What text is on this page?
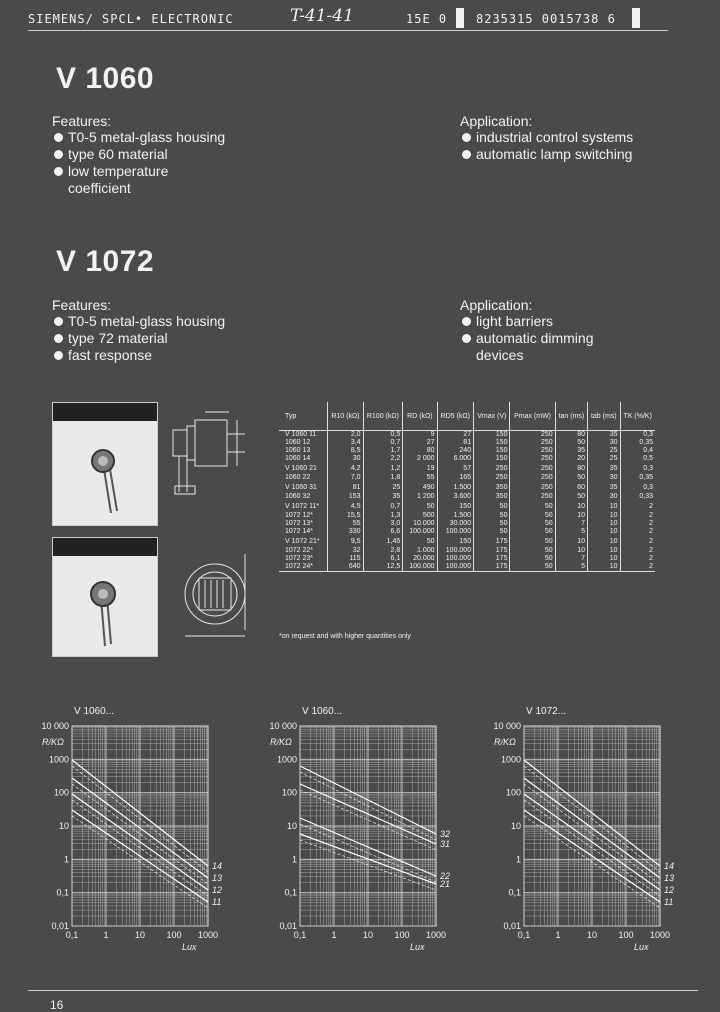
SIEMENS/ SPCL• ELECTRONIC	T-41-41	15E 0 8235315 0015738 6
V 1060
Features:
T0-5 metal-glass housing
type 60 material
low temperature
coefficient
Application:
industrial control systems
automatic lamp switching
V 1072
Features:
T0-5 metal-glass housing
type 72 material
fast response
Application:
light barriers
automatic dimming
devices
Typ	R10 (kΩ)	R100 (kΩ)	RD (kΩ)	RD5 (kΩ)	Vmax (V)	Pmax (mW)	tan (ms)	tab (ms)	TK (%/K)
V 1060 11	2,0	0,5	9	27	150	250	80	35	0,3
1060 12	3,4	0,7	27	81	150	250	50	30	0,35
1060 13	8,5	1,7	80	240	150	250	35	25	0,4
1060 14	30	2,2	2 000	6.000	150	250	20	25	0,5
V 1060 21	4,2	1,2	19	57	250	250	80	35	0,3
1060 22	7,0	1,8	55	165	250	250	50	30	0,35
V 1060 31	81	25	490	1.500	350	250	60	35	0,3
1060 32	153	35	1 200	3.600	350	250	50	30	0,33
V 1072 11*	4,5	0,7	50	150	50	50	10	10	2
1072 12*	15,5	1,3	500	1.500	50	50	10	10	2
1072 13*	55	3,0	10.000	30.000	50	50	7	10	2
1072 14*	330	6,6	100.000	100.000	50	50	5	10	2
V 1072 21*	9,5	1,45	50	150	175	50	10	10	2
1072 22*	32	2,8	1.000	100.000	175	50	10	10	2
1072 23*	115	6,1	20.000	100.000	175	50	7	10	2
1072 24*	640	12,5	100.000	100.000	175	50	5	10	2
*on request and with higher quantities only
V 1060...
10 000
1000
100
10
1
0,1
0,01
R/KΩ
0,1	1	10 100 1000
Lux
14
13
12
11
V 1060...
10 000
1000
100
10
1
0,1
0,01
R/KΩ
0,1	1	10 100 1000
Lux
32
31
22
21
V 1072...
10 000
1000
100
10
1
0,1
0,01
R/KΩ
0,1	1	10 100 1000
Lux
14
13
12
11
16
